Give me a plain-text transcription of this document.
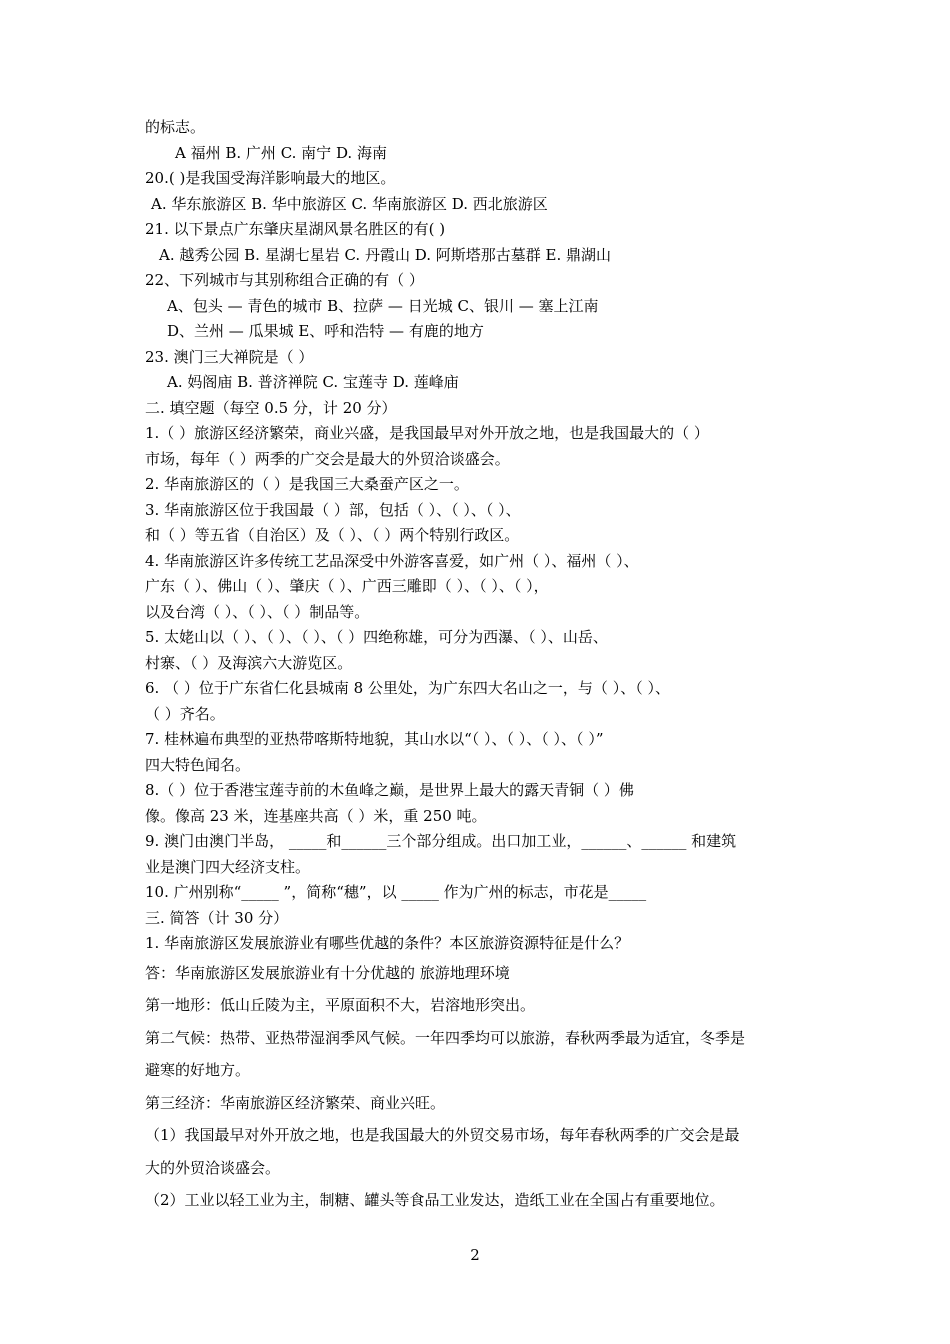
的标志。
A 福州 B. 广州 C. 南宁 D. 海南
20.( )是我国受海洋影响最大的地区。
A. 华东旅游区 B. 华中旅游区 C. 华南旅游区 D. 西北旅游区
21. 以下景点广东肇庆星湖风景名胜区的有( )
A. 越秀公园 B. 星湖七星岩 C. 丹霞山 D. 阿斯塔那古墓群 E. 鼎湖山
22、下列城市与其别称组合正确的有（ ）
A、包头 — 青色的城市 B、拉萨 — 日光城 C、银川 — 塞上江南
D、兰州 — 瓜果城 E、呼和浩特 — 有鹿的地方
23. 澳门三大禅院是（ ）
A. 妈阁庙 B. 普济禅院 C. 宝莲寺 D. 莲峰庙
二. 填空题（每空 0.5 分，计 20 分）
1.（ ）旅游区经济繁荣，商业兴盛，是我国最早对外开放之地，也是我国最大的（ ）
市场，每年（ ）两季的广交会是最大的外贸洽谈盛会。
2. 华南旅游区的（ ）是我国三大桑蚕产区之一。
3. 华南旅游区位于我国最（ ）部，包括（ ）、（ ）、（ ）、
和（ ）等五省（自治区）及（ ）、（ ）两个特别行政区。
4. 华南旅游区许多传统工艺品深受中外游客喜爱，如广州（ ）、福州（ ）、
广东（ ）、佛山（ ）、肇庆（ ）、广西三雕即（ ）、（ ）、（ ），
以及台湾（ ）、（ ）、（ ）制品等。
5. 太姥山以（ ）、（ ）、（ ）、（ ）四绝称雄，可分为西瀑、（ ）、山岳、
村寨、（ ）及海滨六大游览区。
6. （ ）位于广东省仁化县城南 8 公里处，为广东四大名山之一，与（ ）、（ ）、
（ ）齐名。
7. 桂林遍布典型的亚热带喀斯特地貌，其山水以“（ ）、（ ）、（ ）、（ ）”
四大特色闻名。
8.（ ）位于香港宝莲寺前的木鱼峰之巅，是世界上最大的露天青铜（ ）佛
像。像高 23 米，连基座共高（ ）米，重 250 吨。
9. 澳门由澳门半岛， _____和______三个部分组成。出口加工业，______、______ 和建筑
业是澳门四大经济支柱。
10. 广州别称“_____ ”，简称“穗”，以 _____ 作为广州的标志，市花是_____
三. 简答（计 30 分）
1. 华南旅游区发展旅游业有哪些优越的条件？本区旅游资源特征是什么？
答：华南旅游区发展旅游业有十分优越的 旅游地理环境
第一地形：低山丘陵为主，平原面积不大，岩溶地形突出。
第二气候：热带、亚热带湿润季风气候。一年四季均可以旅游，春秋两季最为适宜，冬季是
避寒的好地方。
第三经济：华南旅游区经济繁荣、商业兴旺。
（1）我国最早对外开放之地，也是我国最大的外贸交易市场，每年春秋两季的广交会是最
大的外贸洽谈盛会。
（2）工业以轻工业为主，制糖、罐头等食品工业发达，造纸工业在全国占有重要地位。
2
